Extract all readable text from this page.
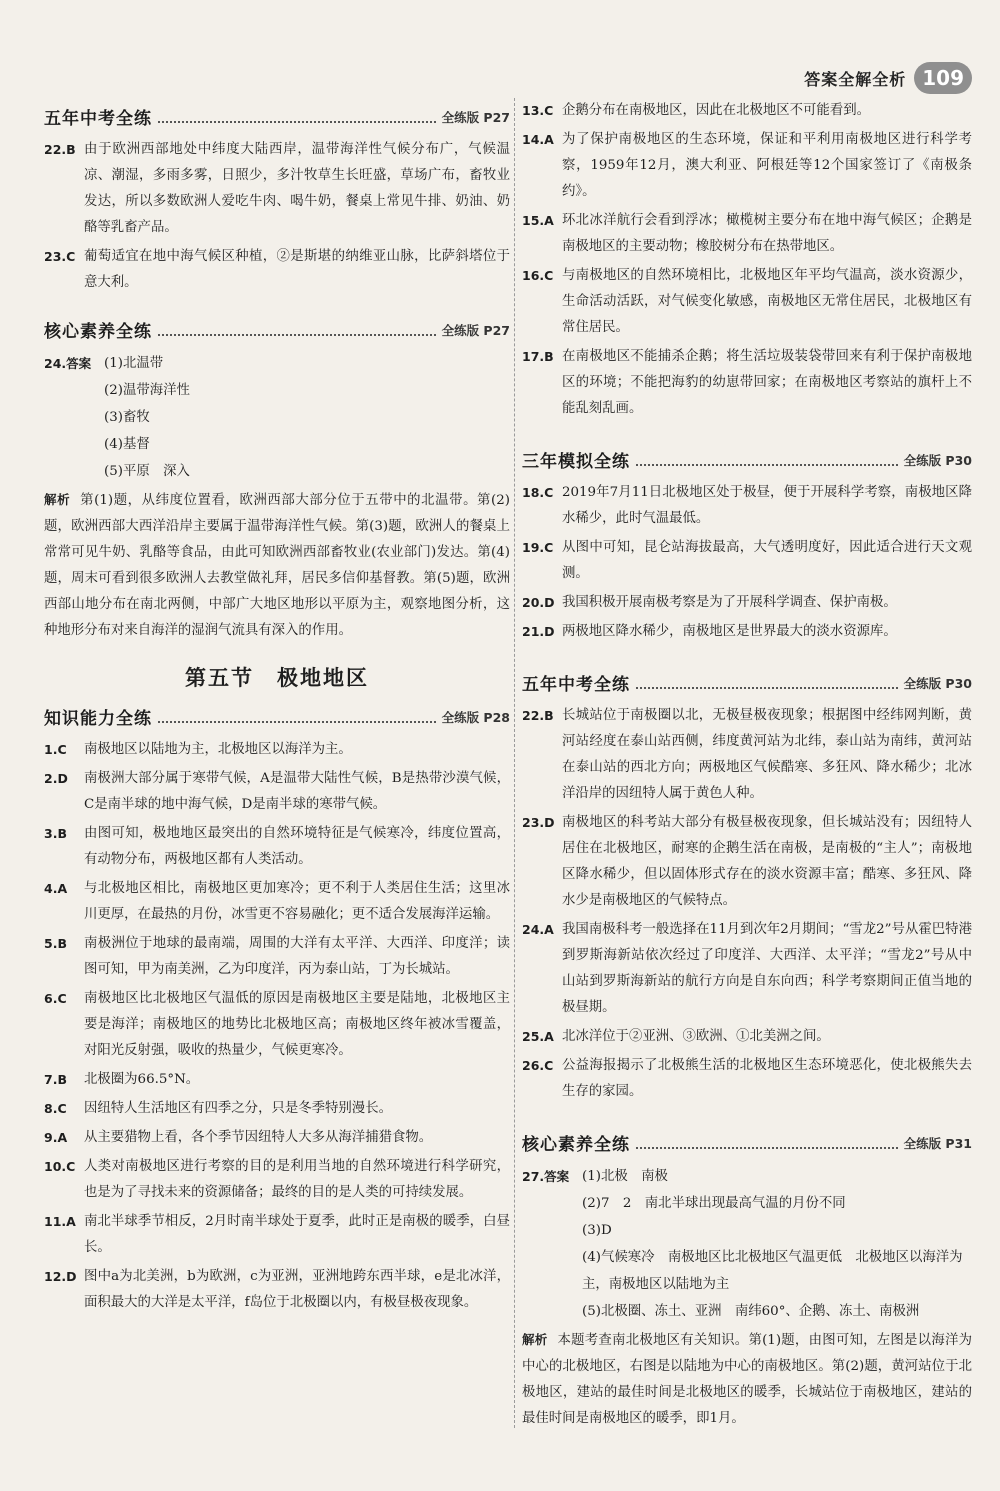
答案全解全析 109
五年中考全练	全练版 P27
22.B 由于欧洲西部地处中纬度大陆西岸，温带海洋性气候分布广，气候温凉、潮湿，多雨多雾，日照少，多汁牧草生长旺盛，草场广布，畜牧业发达，所以多数欧洲人爱吃牛肉、喝牛奶，餐桌上常见牛排、奶油、奶酪等乳畜产品。
23.C 葡萄适宜在地中海气候区种植，②是斯堪的纳维亚山脉，比萨斜塔位于意大利。
核心素养全练	全练版 P27
24.答案 (1)北温带
(2)温带海洋性
(3)畜牧
(4)基督
(5)平原　深入
解析 第(1)题，从纬度位置看，欧洲西部大部分位于五带中的北温带。第(2)题，欧洲西部大西洋沿岸主要属于温带海洋性气候。第(3)题，欧洲人的餐桌上常常可见牛奶、乳酪等食品，由此可知欧洲西部畜牧业(农业部门)发达。第(4)题，周末可看到很多欧洲人去教堂做礼拜，居民多信仰基督教。第(5)题，欧洲西部山地分布在南北两侧，中部广大地区地形以平原为主，观察地图分析，这种地形分布对来自海洋的湿润气流具有深入的作用。
第五节　极地地区
知识能力全练	全练版 P28
1.C	南极地区以陆地为主，北极地区以海洋为主。
2.D	南极洲大部分属于寒带气候，A是温带大陆性气候，B是热带沙漠气候，C是南半球的地中海气候，D是南半球的寒带气候。
3.B	由图可知，极地地区最突出的自然环境特征是气候寒冷，纬度位置高，有动物分布，两极地区都有人类活动。
4.A	与北极地区相比，南极地区更加寒冷；更不利于人类居住生活；这里冰川更厚，在最热的月份，冰雪更不容易融化；更不适合发展海洋运输。
5.B	南极洲位于地球的最南端，周围的大洋有太平洋、大西洋、印度洋；读图可知，甲为南美洲，乙为印度洋，丙为泰山站，丁为长城站。
6.C	南极地区比北极地区气温低的原因是南极地区主要是陆地，北极地区主要是海洋；南极地区的地势比北极地区高；南极地区终年被冰雪覆盖，对阳光反射强，吸收的热量少，气候更寒冷。
7.B	北极圈为66.5°N。
8.C	因纽特人生活地区有四季之分，只是冬季特别漫长。
9.A	从主要猎物上看，各个季节因纽特人大多从海洋捕猎食物。
10.C 人类对南极地区进行考察的目的是利用当地的自然环境进行科学研究，也是为了寻找未来的资源储备；最终的目的是人类的可持续发展。
11.A 南北半球季节相反，2月时南半球处于夏季，此时正是南极的暖季，白昼长。
12.D 图中a为北美洲，b为欧洲，c为亚洲，亚洲地跨东西半球，e是北冰洋，面积最大的大洋是太平洋，f岛位于北极圈以内，有极昼极夜现象。
13.C 企鹅分布在南极地区，因此在北极地区不可能看到。
14.A 为了保护南极地区的生态环境，保证和平利用南极地区进行科学考察，1959年12月，澳大利亚、阿根廷等12个国家签订了《南极条约》。
15.A 环北冰洋航行会看到浮冰；橄榄树主要分布在地中海气候区；企鹅是南极地区的主要动物；橡胶树分布在热带地区。
16.C 与南极地区的自然环境相比，北极地区年平均气温高，淡水资源少，生命活动活跃，对气候变化敏感，南极地区无常住居民，北极地区有常住居民。
17.B 在南极地区不能捕杀企鹅；将生活垃圾装袋带回来有利于保护南极地区的环境；不能把海豹的幼崽带回家；在南极地区考察站的旗杆上不能乱刻乱画。
三年模拟全练	全练版 P30
18.C 2019年7月11日北极地区处于极昼，便于开展科学考察，南极地区降水稀少，此时气温最低。
19.C 从图中可知，昆仑站海拔最高，大气透明度好，因此适合进行天文观测。
20.D 我国积极开展南极考察是为了开展科学调查、保护南极。
21.D 两极地区降水稀少，南极地区是世界最大的淡水资源库。
五年中考全练	全练版 P30
22.B 长城站位于南极圈以北，无极昼极夜现象；根据图中经纬网判断，黄河站经度在泰山站西侧，纬度黄河站为北纬，泰山站为南纬，黄河站在泰山站的西北方向；两极地区气候酷寒、多狂风、降水稀少；北冰洋沿岸的因纽特人属于黄色人种。
23.D 南极地区的科考站大部分有极昼极夜现象，但长城站没有；因纽特人居住在北极地区，耐寒的企鹅生活在南极，是南极的“主人”；南极地区降水稀少，但以固体形式存在的淡水资源丰富；酷寒、多狂风、降水少是南极地区的气候特点。
24.A 我国南极科考一般选择在11月到次年2月期间；“雪龙2”号从霍巴特港到罗斯海新站依次经过了印度洋、大西洋、太平洋；“雪龙2”号从中山站到罗斯海新站的航行方向是自东向西；科学考察期间正值当地的极昼期。
25.A 北冰洋位于②亚洲、③欧洲、①北美洲之间。
26.C 公益海报揭示了北极熊生活的北极地区生态环境恶化，使北极熊失去生存的家园。
核心素养全练	全练版 P31
27.答案 (1)北极　南极
(2)7　2　南北半球出现最高气温的月份不同
(3)D
(4)气候寒冷　南极地区比北极地区气温更低　北极地区以海洋为主，南极地区以陆地为主
(5)北极圈、冻土、亚洲　南纬60°、企鹅、冻土、南极洲
解析 本题考查南北极地区有关知识。第(1)题，由图可知，左图是以海洋为中心的北极地区，右图是以陆地为中心的南极地区。第(2)题，黄河站位于北极地区，建站的最佳时间是北极地区的暖季，长城站位于南极地区，建站的最佳时间是南极地区的暖季，即1月。
